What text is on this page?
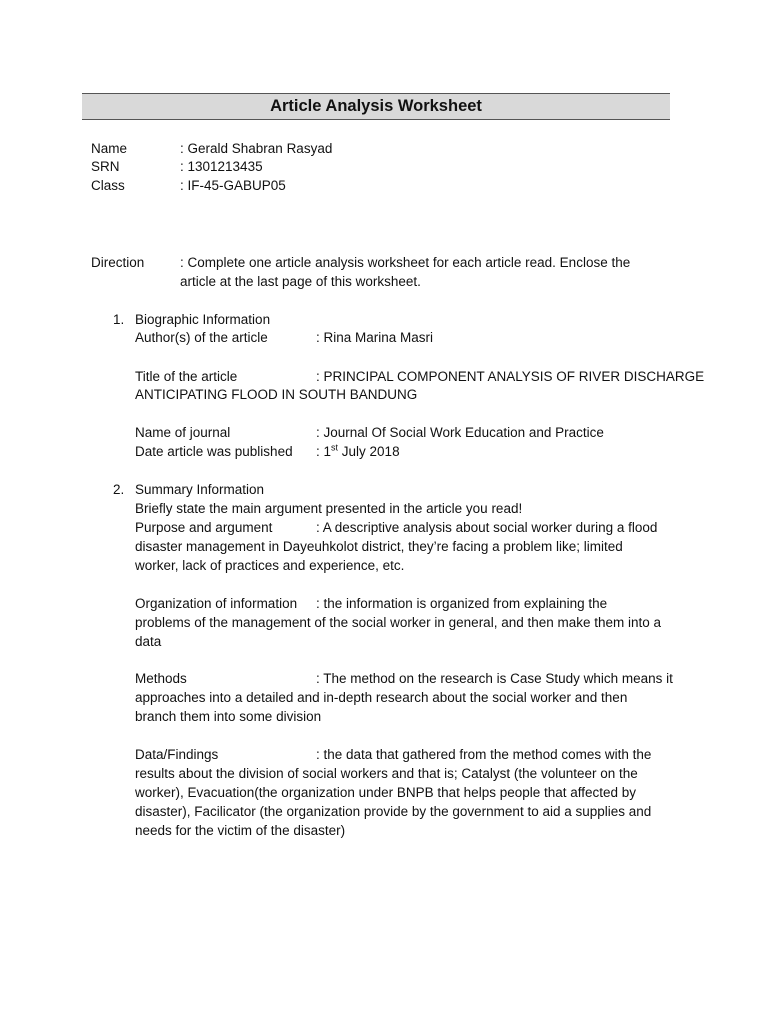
Article Analysis Worksheet
Name	: Gerald Shabran Rasyad
SRN	: 1301213435
Class	: IF-45-GABUP05
Direction	: Complete one article analysis worksheet for each article read. Enclose the
article at the last page of this worksheet.
1. Biographic Information
Author(s) of the article	: Rina Marina Masri
Title of the article	: PRINCIPAL COMPONENT ANALYSIS OF RIVER DISCHARGE
ANTICIPATING FLOOD IN SOUTH BANDUNG
Name of journal	: Journal Of Social Work Education and Practice
Date article was published : 1st July 2018
2. Summary Information
Briefly state the main argument presented in the article you read!
Purpose and argument	: A descriptive analysis about social worker during a flood
disaster management in Dayeuhkolot district, they’re facing a problem like; limited worker, lack of practices and experience, etc.
Organization of information : the information is organized from explaining the
problems of the management of the social worker in general, and then make them into a data
Methods	: The method on the research is Case Study which means it
approaches into a detailed and in-depth research about the social worker and then branch them into some division
Data/Findings	: the data that gathered from the method comes with the
results about the division of social workers and that is; Catalyst (the volunteer on the worker), Evacuation(the organization under BNPB that helps people that affected by disaster), Facilicator (the organization provide by the government to aid a supplies and needs for the victim of the disaster)
